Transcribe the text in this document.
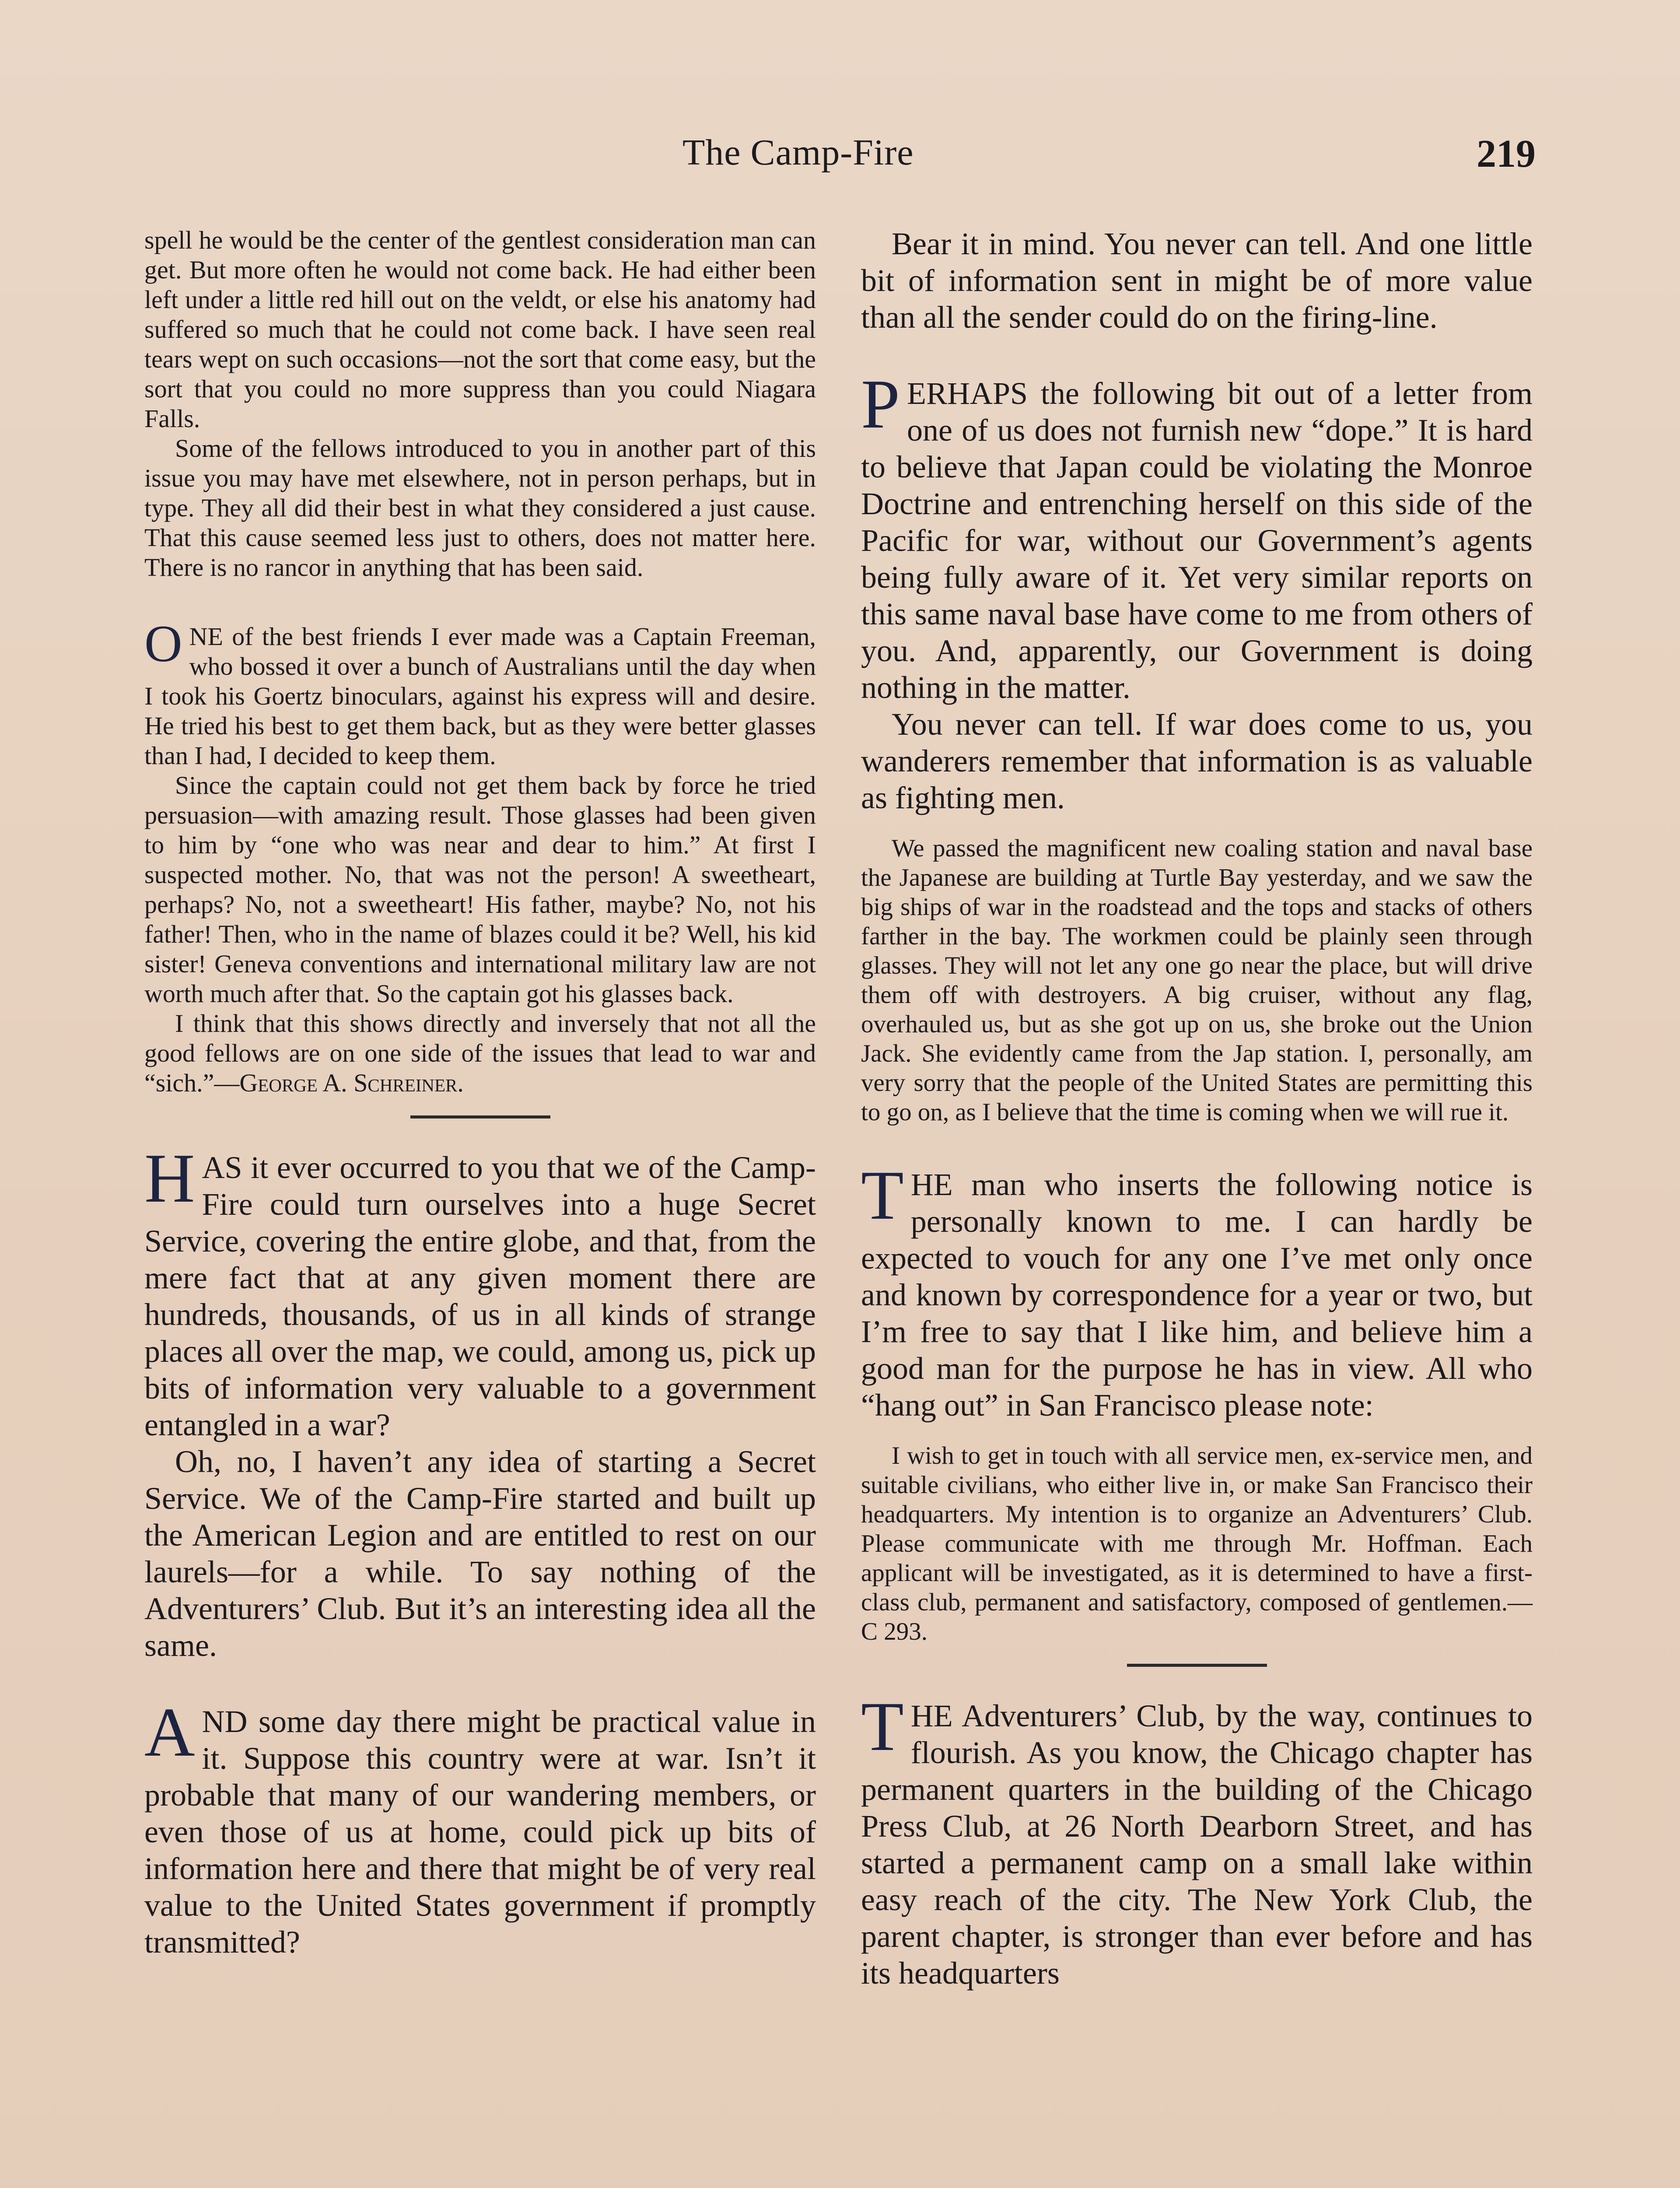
The Camp-Fire	219

spell he would be the center of the gentlest consideration man can get. But more often he would not come back. He had either been left under a little red hill out on the veldt, or else his anatomy had suffered so much that he could not come back. I have seen real tears wept on such occasions—not the sort that come easy, but the sort that you could no more suppress than you could Niagara Falls.

Some of the fellows introduced to you in another part of this issue you may have met elsewhere, not in person perhaps, but in type. They all did their best in what they considered a just cause. That this cause seemed less just to others, does not matter here. There is no rancor in anything that has been said.

ONE of the best friends I ever made was a Captain Freeman, who bossed it over a bunch of Australians until the day when I took his Goertz binoculars, against his express will and desire. He tried his best to get them back, but as they were better glasses than I had, I decided to keep them.

Since the captain could not get them back by force he tried persuasion—with amazing result. Those glasses had been given to him by “one who was near and dear to him.” At first I suspected mother. No, that was not the person! A sweetheart, perhaps? No, not a sweetheart! His father, maybe? No, not his father! Then, who in the name of blazes could it be? Well, his kid sister! Geneva conventions and international military law are not worth much after that. So the captain got his glasses back.

I think that this shows directly and inversely that not all the good fellows are on one side of the issues that lead to war and “sich.”—George A. Schreiner.

HAS it ever occurred to you that we of the Camp-Fire could turn ourselves into a huge Secret Service, covering the entire globe, and that, from the mere fact that at any given moment there are hundreds, thousands, of us in all kinds of strange places all over the map, we could, among us, pick up bits of information very valuable to a government entangled in a war?

Oh, no, I haven’t any idea of starting a Secret Service. We of the Camp-Fire started and built up the American Legion and are entitled to rest on our laurels—for a while. To say nothing of the Adventurers’ Club. But it’s an interesting idea all the same.

AND some day there might be practical value in it. Suppose this country were at war. Isn’t it probable that many of our wandering members, or even those of us at home, could pick up bits of information here and there that might be of very real value to the United States government if promptly transmitted?

Bear it in mind. You never can tell. And one little bit of information sent in might be of more value than all the sender could do on the firing-line.

PERHAPS the following bit out of a letter from one of us does not furnish new “dope.” It is hard to believe that Japan could be violating the Monroe Doctrine and entrenching herself on this side of the Pacific for war, without our Government’s agents being fully aware of it. Yet very similar reports on this same naval base have come to me from others of you. And, apparently, our Government is doing nothing in the matter.

You never can tell. If war does come to us, you wanderers remember that information is as valuable as fighting men.

We passed the magnificent new coaling station and naval base the Japanese are building at Turtle Bay yesterday, and we saw the big ships of war in the roadstead and the tops and stacks of others farther in the bay. The workmen could be plainly seen through glasses. They will not let any one go near the place, but will drive them off with destroyers. A big cruiser, without any flag, overhauled us, but as she got up on us, she broke out the Union Jack. She evidently came from the Jap station. I, personally, am very sorry that the people of the United States are permitting this to go on, as I believe that the time is coming when we will rue it.

THE man who inserts the following notice is personally known to me. I can hardly be expected to vouch for any one I’ve met only once and known by correspondence for a year or two, but I’m free to say that I like him, and believe him a good man for the purpose he has in view. All who “hang out” in San Francisco please note:

I wish to get in touch with all service men, ex-service men, and suitable civilians, who either live in, or make San Francisco their headquarters. My intention is to organize an Adventurers’ Club. Please communicate with me through Mr. Hoffman. Each applicant will be investigated, as it is determined to have a first-class club, permanent and satisfactory, composed of gentlemen.—C 293.

THE Adventurers’ Club, by the way, continues to flourish. As you know, the Chicago chapter has permanent quarters in the building of the Chicago Press Club, at 26 North Dearborn Street, and has started a permanent camp on a small lake within easy reach of the city. The New York Club, the parent chapter, is stronger than ever before and has its headquarters
